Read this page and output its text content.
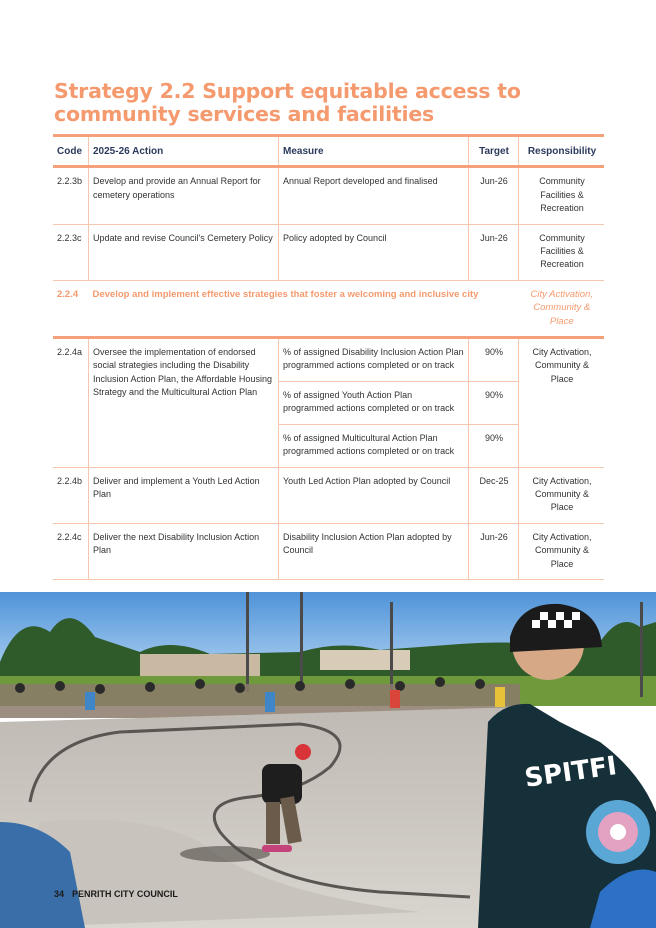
Strategy 2.2 Support equitable access to community services and facilities
Code	2025-26 Action	Measure	Target	Responsibility
2.2.3b	Develop and provide an Annual Report for cemetery operations	Annual Report developed and finalised	Jun-26	Community Facilities & Recreation
2.2.3c	Update and revise Council's Cemetery Policy	Policy adopted by Council	Jun-26	Community Facilities & Recreation
2.2.4	Develop and implement effective strategies that foster a welcoming and inclusive city			City Activation, Community & Place
2.2.4a	Oversee the implementation of endorsed social strategies including the Disability Inclusion Action Plan, the Affordable Housing Strategy and the Multicultural Action Plan	% of assigned Disability Inclusion Action Plan programmed actions completed or on track	90%	City Activation, Community & Place
		% of assigned Youth Action Plan programmed actions completed or on track	90%	
		% of assigned Multicultural Action Plan programmed actions completed or on track	90%	
2.2.4b	Deliver and implement a Youth Led Action Plan	Youth Led Action Plan adopted by Council	Dec-25	City Activation, Community & Place
2.2.4c	Deliver the next Disability Inclusion Action Plan	Disability Inclusion Action Plan adopted by Council	Jun-26	City Activation, Community & Place
SPITFI
34 PENRITH CITY COUNCIL
